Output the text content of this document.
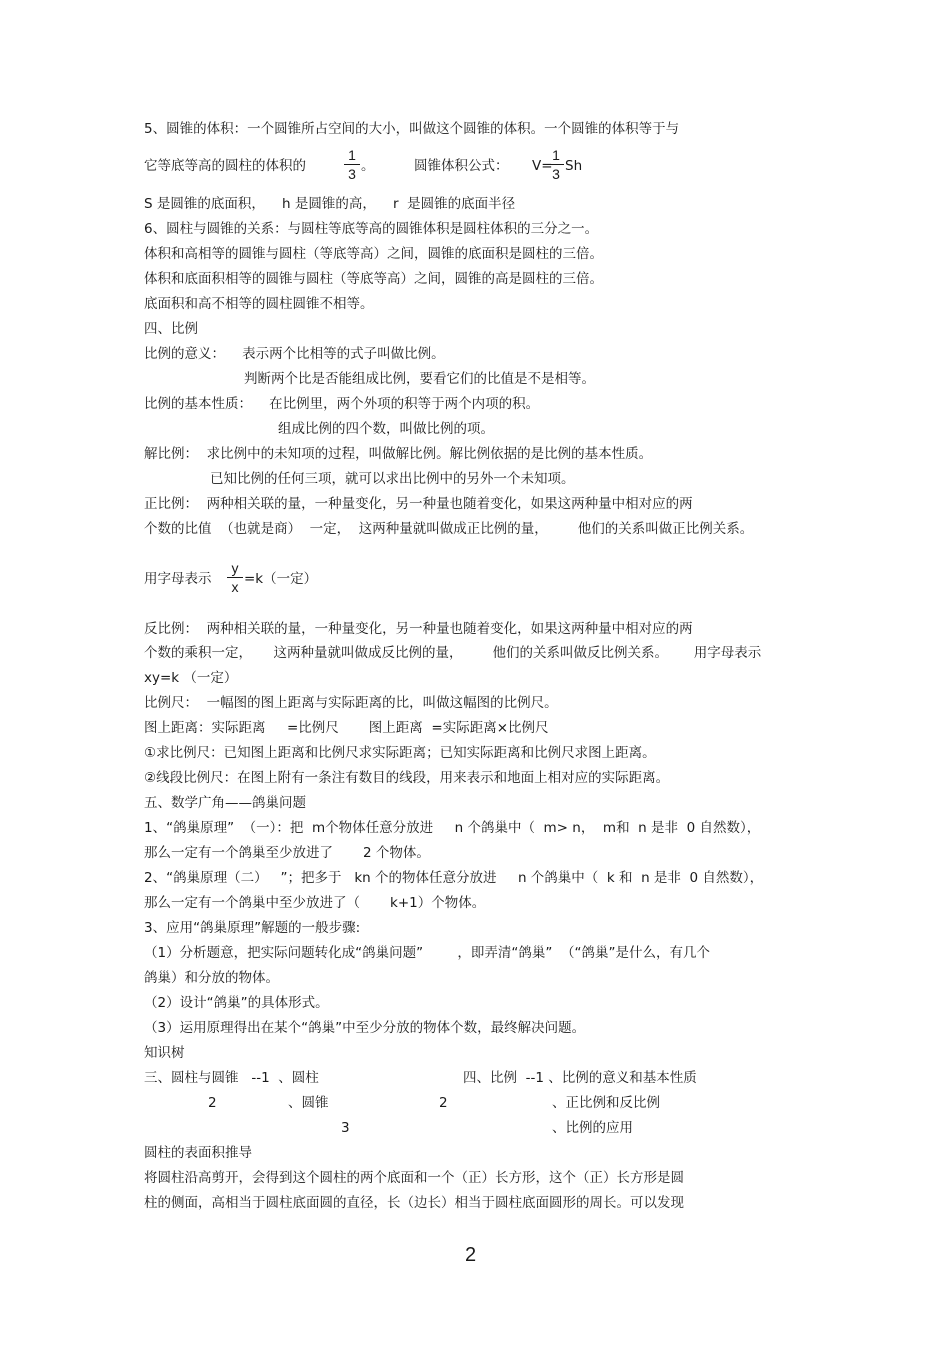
5、圆锥的体积：一个圆锥所占空间的大小，叫做这个圆锥的体积。一个圆锥的体积等于与
它等底等高的圆柱的体积的	$\frac{1}{3}$ 。	圆锥体积公式： V=
$\frac{1}{3}$ Sh
S 是圆锥的底面积，    h 是圆锥的高，    r  是圆锥的底面半径
6、圆柱与圆锥的关系：与圆柱等底等高的圆锥体积是圆柱体积的三分之一。
体积和高相等的圆锥与圆柱（等底等高）之间，圆锥的底面积是圆柱的三倍。
体积和底面积相等的圆锥与圆柱（等底等高）之间，圆锥的高是圆柱的三倍。
底面积和高不相等的圆柱圆锥不相等。
四、比例
比例的意义：    表示两个比相等的式子叫做比例。
判断两个比是否能组成比例，要看它们的比值是不是相等。
比例的基本性质：    在比例里，两个外项的积等于两个内项的积。
组成比例的四个数，叫做比例的项。
解比例：  求比例中的未知项的过程，叫做解比例。解比例依据的是比例的基本性质。
已知比例的任何三项，就可以求出比例中的另外一个未知项。
正比例：  两种相关联的量，一种量变化，另一种量也随着变化，如果这两种量中相对应的两
个数的比值  （也就是商）  一定，  这两种量就叫做成正比例的量，       他们的关系叫做正比例关系。
用字母表示 $\frac{y}{x} =k$（一定）
反比例：  两种相关联的量，一种量变化，另一种量也随着变化，如果这两种量中相对应的两
个数的乘积一定，     这两种量就叫做成反比例的量，       他们的关系叫做反比例关系。      用字母表示
xy=k （一定）
比例尺：  一幅图的图上距离与实际距离的比，叫做这幅图的比例尺。
图上距离：实际距离     =比例尺       图上距离  =实际距离×比例尺
①求比例尺：已知图上距离和比例尺求实际距离；已知实际距离和比例尺求图上距离。
②线段比例尺：在图上附有一条注有数目的线段，用来表示和地面上相对应的实际距离。
五、数学广角——鸽巢问题
1、“鸽巢原理”  （一）：把  m个物体任意分放进     n 个鸽巢中（  m> n，  m和  n 是非  0 自然数），
那么一定有一个鸽巢至少放进了       2 个物体。
2、“鸽巢原理（二）   ”；把多于   kn 个的物体任意分放进     n 个鸽巢中（  k 和  n 是非  0 自然数），
那么一定有一个鸽巢中至少放进了（       k+1）个物体。
3、应用“鸽巢原理”解题的一般步骤:
（1）分析题意，把实际问题转化成“鸽巢问题”        ，即弄清“鸽巢”  （“鸽巢”是什么，有几个
鸽巢）和分放的物体。
（2）设计“鸽巢”的具体形式。
（3）运用原理得出在某个“鸽巢”中至少分放的物体个数，最终解决问题。
知识树
三、圆柱与圆锥   --1  、圆柱	四、比例  --1 、比例的意义和基本性质
2	、圆锥	2	、正比例和反比例
3	、比例的应用
圆柱的表面积推导
将圆柱沿高剪开，会得到这个圆柱的两个底面和一个（正）长方形，这个（正）长方形是圆
柱的侧面，高相当于圆柱底面圆的直径，长（边长）相当于圆柱底面圆形的周长。可以发现
2
